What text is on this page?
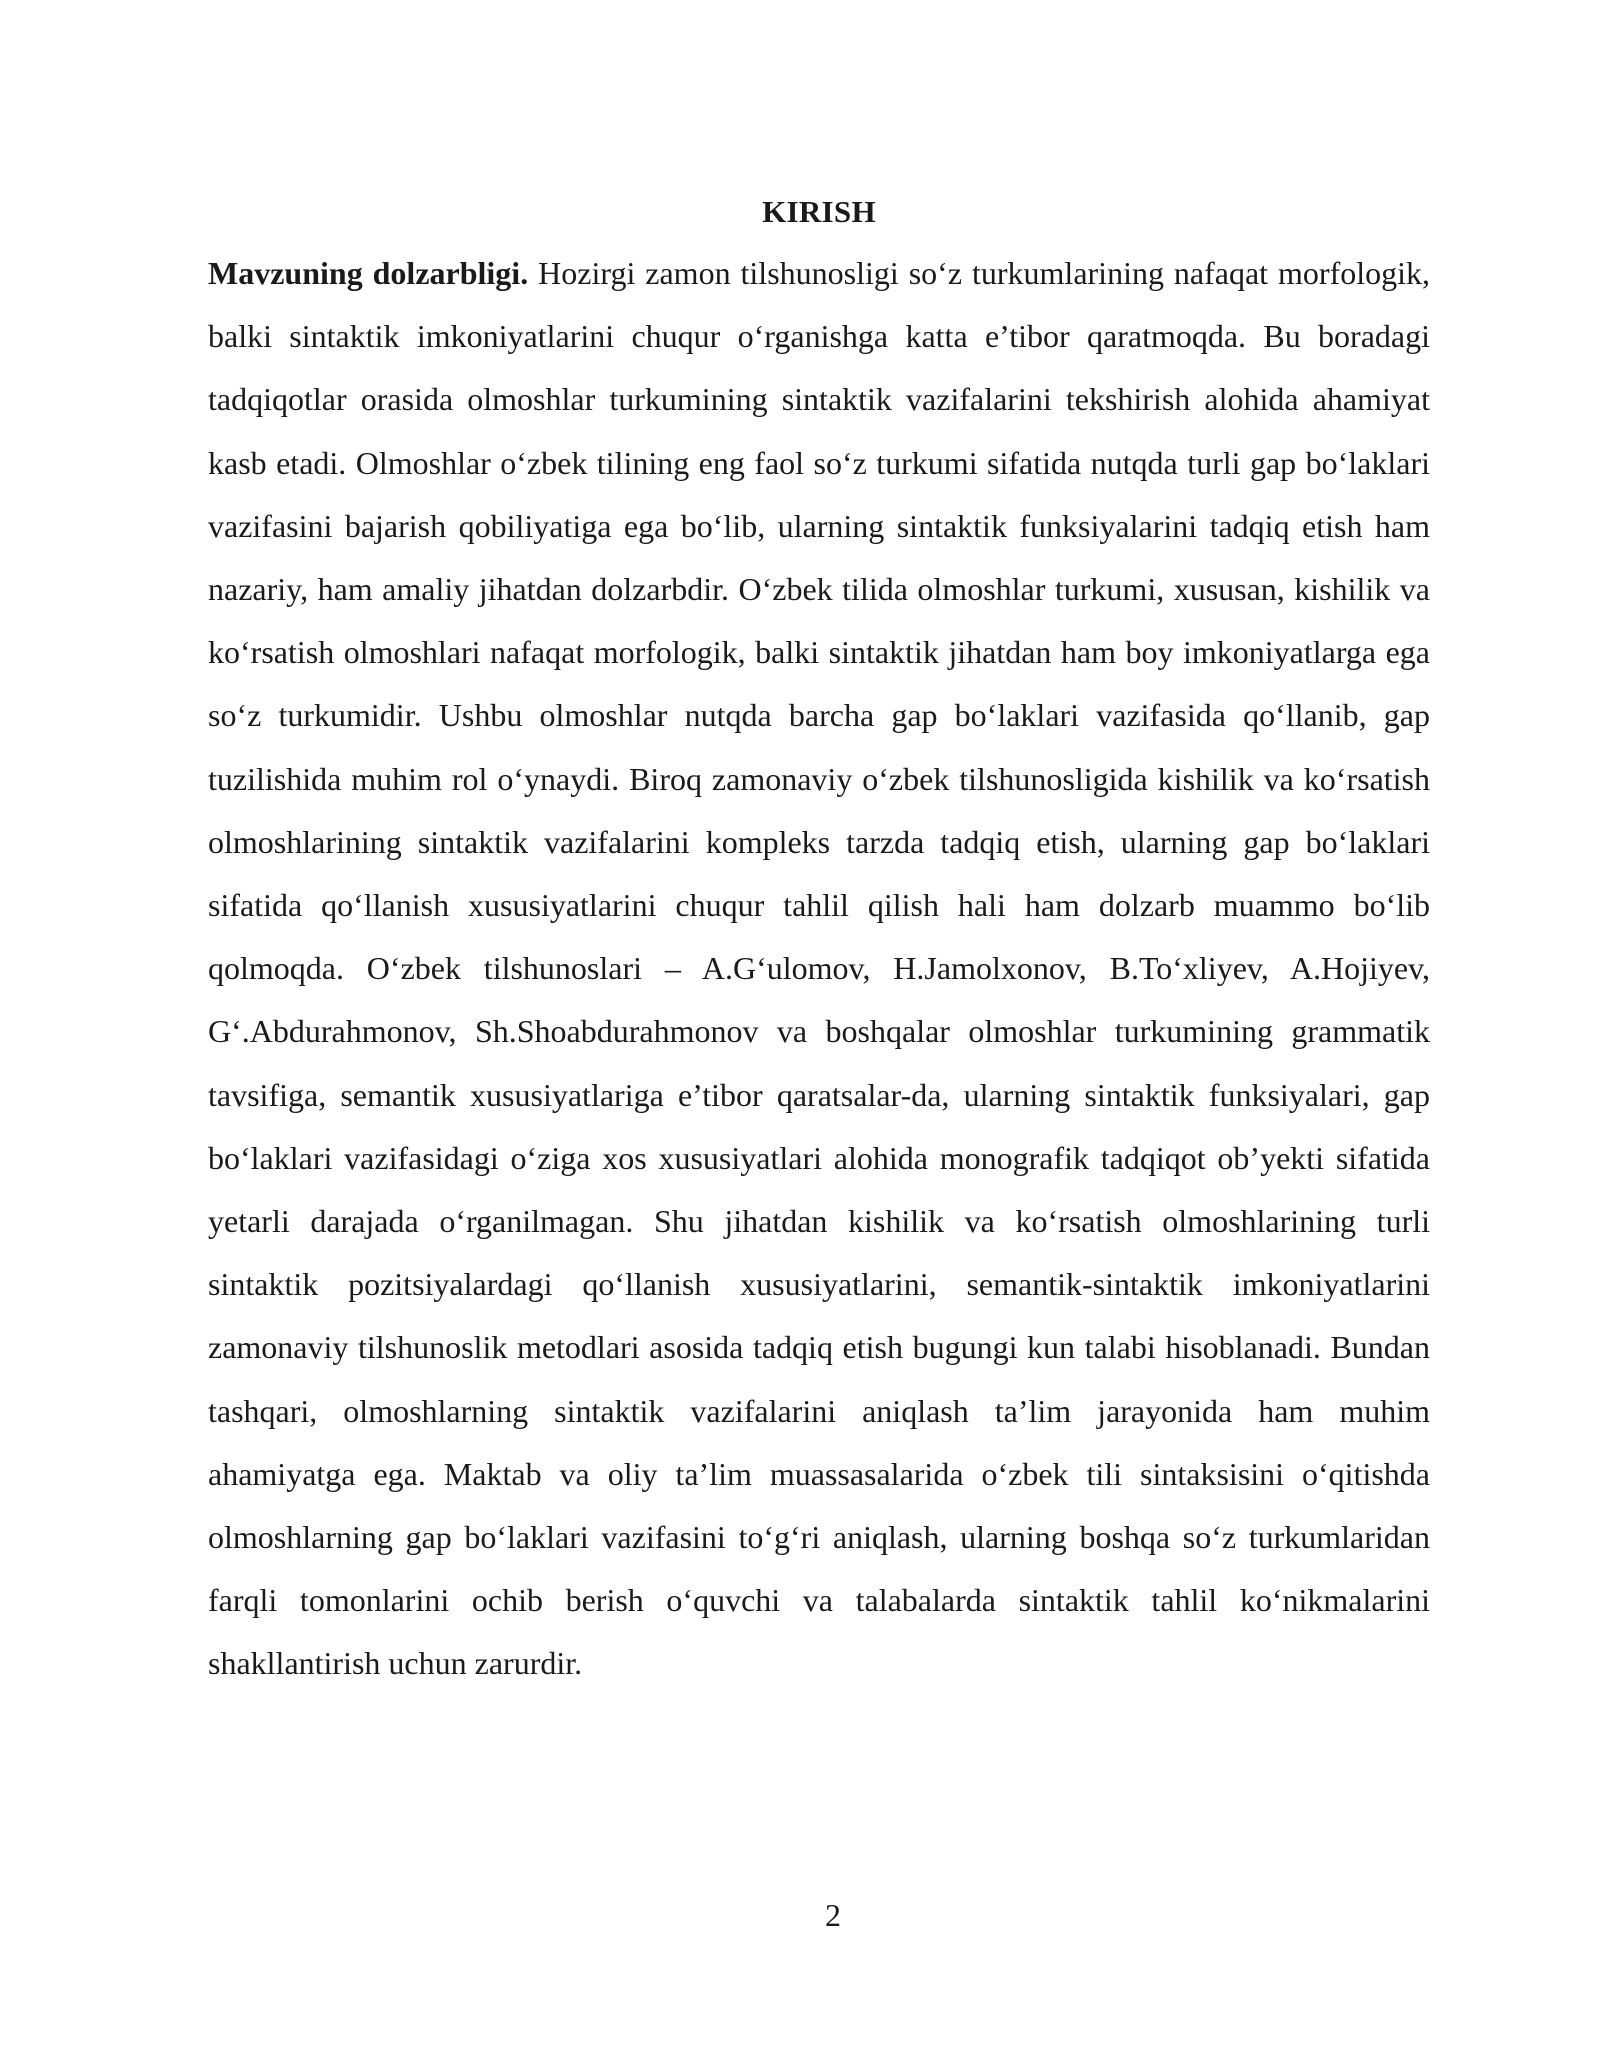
KIRISH

Mavzuning dolzarbligi. Hozirgi zamon tilshunosligi so‘z turkumlarining nafaqat morfologik, balki sintaktik imkoniyatlarini chuqur o‘rganishga katta e’tibor qaratmoqda. Bu boradagi tadqiqotlar orasida olmoshlar turkumining sintaktik vazifalarini tekshirish alohida ahamiyat kasb etadi. Olmoshlar o‘zbek tilining eng faol so‘z turkumi sifatida nutqda turli gap bo‘laklari vazifasini bajarish qobiliyatiga ega bo‘lib, ularning sintaktik funksiyalarini tadqiq etish ham nazariy, ham amaliy jihatdan dolzarbdir. O‘zbek tilida olmoshlar turkumi, xususan, kishilik va ko‘rsatish olmoshlari nafaqat morfologik, balki sintaktik jihatdan ham boy imkoniyatlarga ega so‘z turkumidir. Ushbu olmoshlar nutqda barcha gap bo‘laklari vazifasida qo‘llanib, gap tuzilishida muhim rol o‘ynaydi. Biroq zamonaviy o‘zbek tilshunosligida kishilik va ko‘rsatish olmoshlarining sintaktik vazifalarini kompleks tarzda tadqiq etish, ularning gap bo‘laklari sifatida qo‘llanish xususiyatlarini chuqur tahlil qilish hali ham dolzarb muammo bo‘lib qolmoqda. O‘zbek tilshunoslari – A.G‘ulomov, H.Jamolxonov, B.To‘xliyev, A.Hojiyev, G‘.Abdurahmonov, Sh.Shoabdurahmonov va boshqalar olmoshlar turkumining grammatik tavsifiga, semantik xususiyatlariga e’tibor qaratsalar-da, ularning sintaktik funksiyalari, gap bo‘laklari vazifasidagi o‘ziga xos xususiyatlari alohida monografik tadqiqot ob’yekti sifatida yetarli darajada o‘rganilmagan. Shu jihatdan kishilik va ko‘rsatish olmoshlarining turli sintaktik pozitsiyalardagi qo‘llanish xususiyatlarini, semantik-sintaktik imkoniyatlarini zamonaviy tilshunoslik metodlari asosida tadqiq etish bugungi kun talabi hisoblanadi. Bundan tashqari, olmoshlarning sintaktik vazifalarini aniqlash ta’lim jarayonida ham muhim ahamiyatga ega. Maktab va oliy ta’lim muassasalarida o‘zbek tili sintaksisini o‘qitishda olmoshlarning gap bo‘laklari vazifasini to‘g‘ri aniqlash, ularning boshqa so‘z turkumlaridan farqli tomonlarini ochib berish o‘quvchi va talabalarda sintaktik tahlil ko‘nikmalarini shakllantirish uchun zarurdir.

2
